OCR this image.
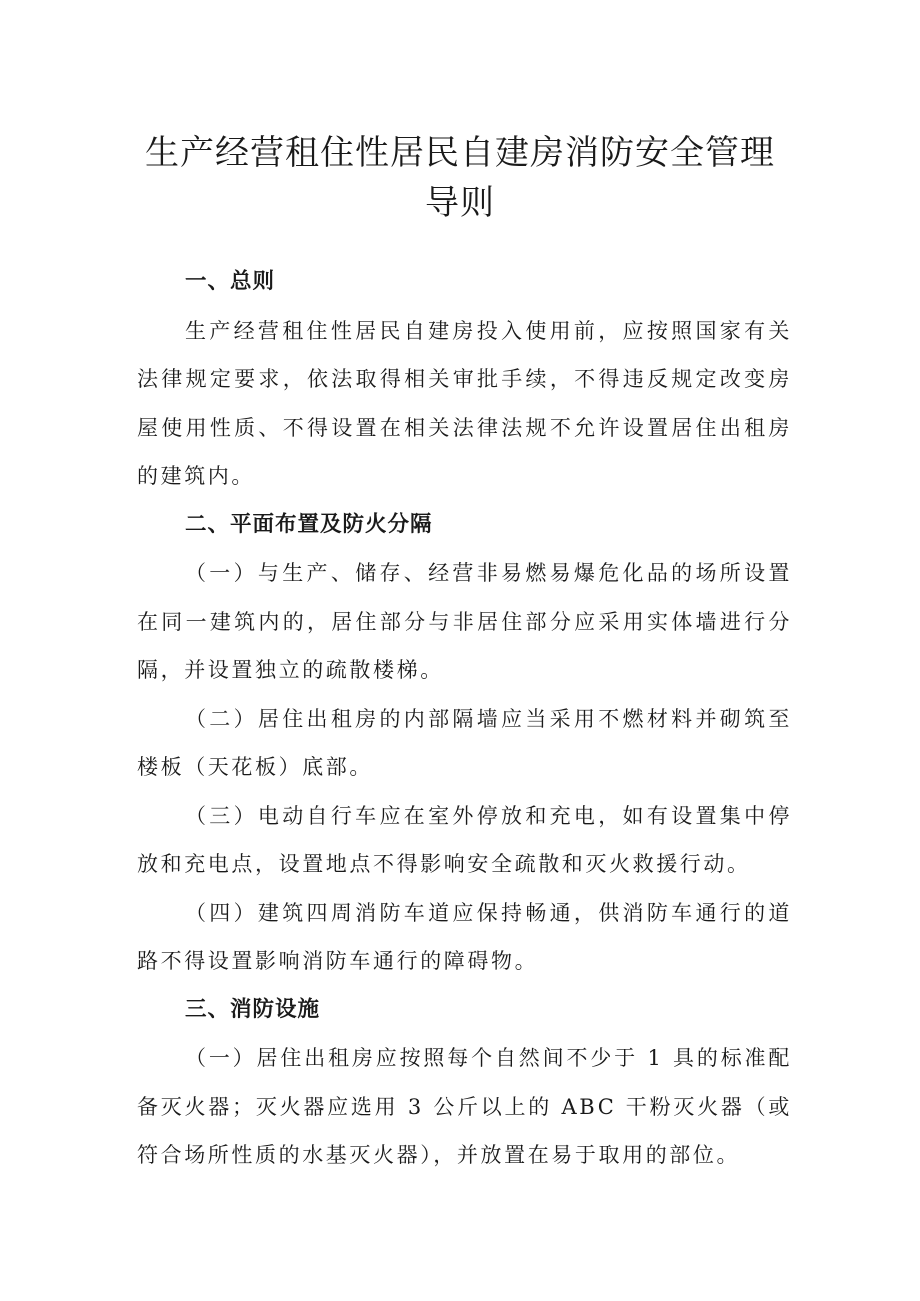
生产经营租住性居民自建房消防安全管理
导则

一、总则

生产经营租住性居民自建房投入使用前，应按照国家有关法律规定要求，依法取得相关审批手续，不得违反规定改变房屋使用性质、不得设置在相关法律法规不允许设置居住出租房的建筑内。

二、平面布置及防火分隔

（一）与生产、储存、经营非易燃易爆危化品的场所设置在同一建筑内的，居住部分与非居住部分应采用实体墙进行分隔，并设置独立的疏散楼梯。

（二）居住出租房的内部隔墙应当采用不燃材料并砌筑至楼板（天花板）底部。

（三）电动自行车应在室外停放和充电，如有设置集中停放和充电点，设置地点不得影响安全疏散和灭火救援行动。

（四）建筑四周消防车道应保持畅通，供消防车通行的道路不得设置影响消防车通行的障碍物。

三、消防设施

（一）居住出租房应按照每个自然间不少于 1 具的标准配备灭火器；灭火器应选用 3 公斤以上的 ABC 干粉灭火器（或符合场所性质的水基灭火器），并放置在易于取用的部位。
